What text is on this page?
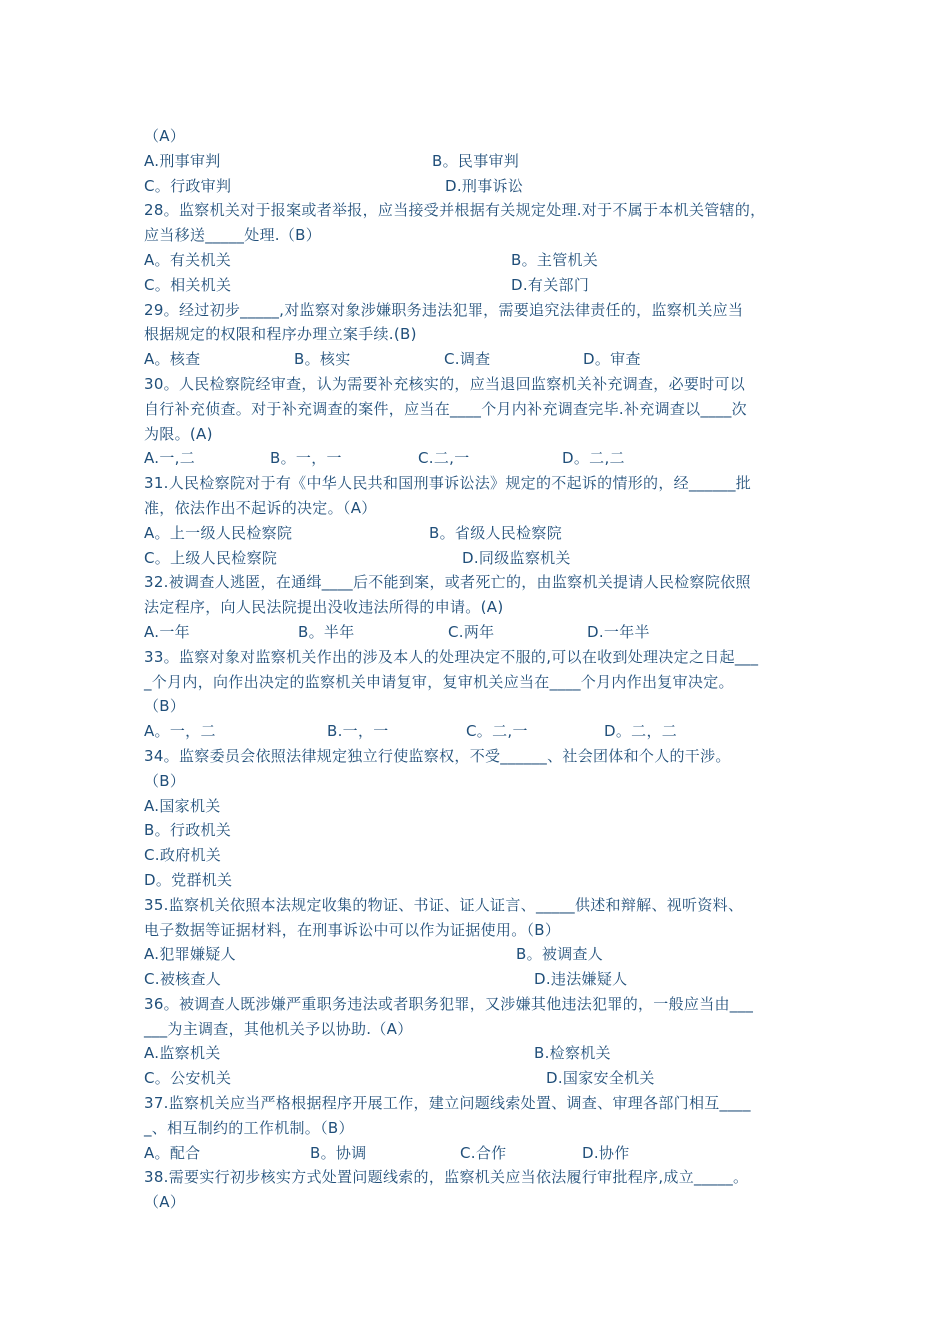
（A）
A.刑事审判	B。民事审判
C。行政审判	D.刑事诉讼
28。监察机关对于报案或者举报，应当接受并根据有关规定处理.对于不属于本机关管辖的，
应当移送_____处理.（B）
A。有关机关	B。主管机关
C。相关机关	D.有关部门
29。经过初步_____,对监察对象涉嫌职务违法犯罪，需要追究法律责任的，监察机关应当
根据规定的权限和程序办理立案手续.(B)
A。核查	B。核实	C.调查	D。审查
30。人民检察院经审查，认为需要补充核实的，应当退回监察机关补充调查，必要时可以
自行补充侦查。对于补充调查的案件，应当在____个月内补充调查完毕.补充调查以____次
为限。(A)
A.一,二	B。一，一	C.二,一	D。二,二
31.人民检察院对于有《中华人民共和国刑事诉讼法》规定的不起诉的情形的，经______批
准，依法作出不起诉的决定。（A）
A。上一级人民检察院	B。省级人民检察院
C。上级人民检察院	D.同级监察机关
32.被调查人逃匿，在通缉____后不能到案，或者死亡的，由监察机关提请人民检察院依照
法定程序，向人民法院提出没收违法所得的申请。(A)
A.一年	B。半年	C.两年	D.一年半
33。监察对象对监察机关作出的涉及本人的处理决定不服的,可以在收到处理决定之日起___
_个月内，向作出决定的监察机关申请复审，复审机关应当在____个月内作出复审决定。
（B）
A。一，二	B.一，一	C。二,一	D。二，二
34。监察委员会依照法律规定独立行使监察权，不受______、社会团体和个人的干涉。
（B）
A.国家机关
B。行政机关
C.政府机关
D。党群机关
35.监察机关依照本法规定收集的物证、书证、证人证言、_____供述和辩解、视听资料、
电子数据等证据材料，在刑事诉讼中可以作为证据使用。（B）
A.犯罪嫌疑人	B。被调查人
C.被核查人	D.违法嫌疑人
36。被调查人既涉嫌严重职务违法或者职务犯罪，又涉嫌其他违法犯罪的，一般应当由___
___为主调查，其他机关予以协助.（A）
A.监察机关	B.检察机关
C。公安机关	D.国家安全机关
37.监察机关应当严格根据程序开展工作，建立问题线索处置、调查、审理各部门相互____
_、相互制约的工作机制。（B）
A。配合	B。协调	C.合作	D.协作
38.需要实行初步核实方式处置问题线索的，监察机关应当依法履行审批程序,成立_____。
（A）
